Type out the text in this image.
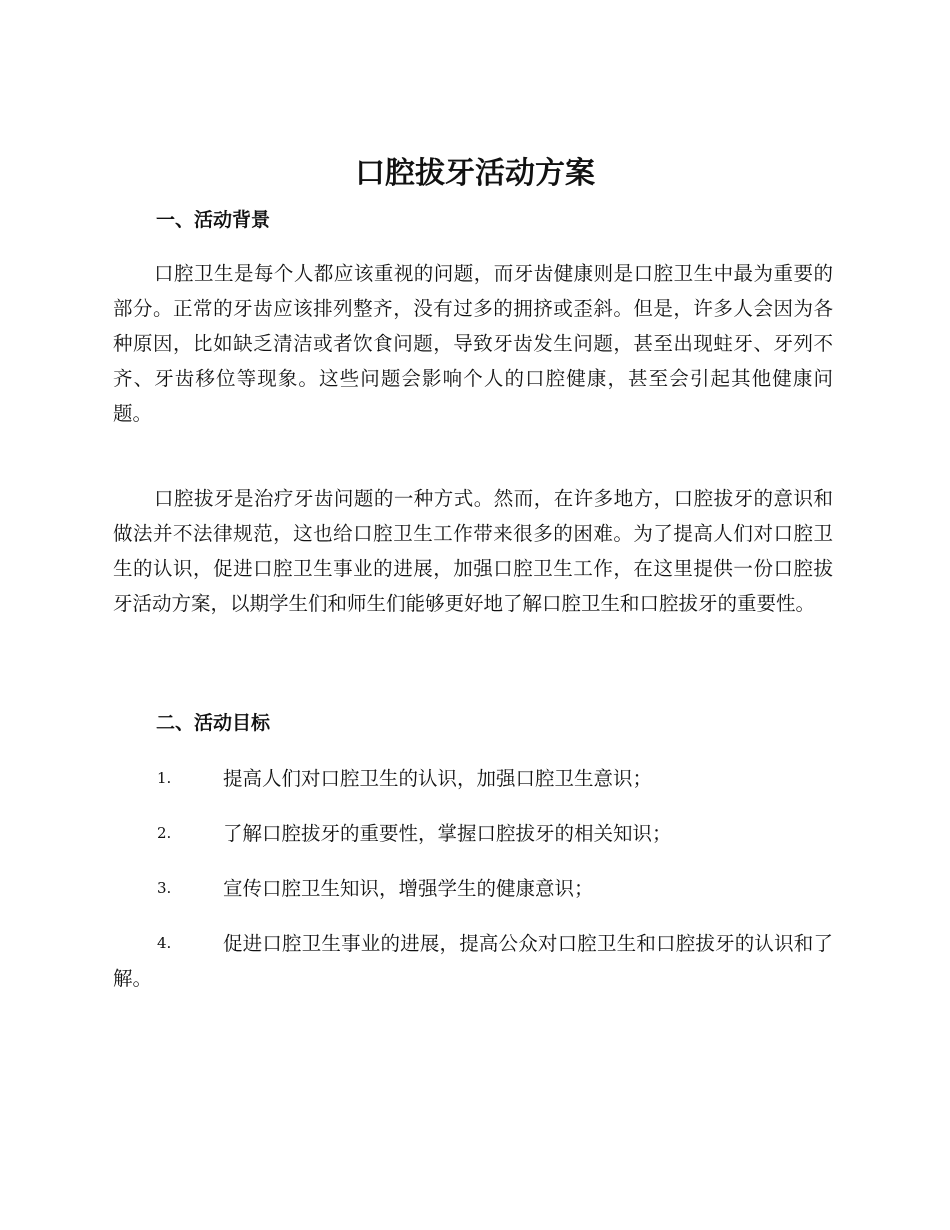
口腔拔牙活动方案
一、活动背景
口腔卫生是每个人都应该重视的问题，而牙齿健康则是口腔卫生中最为重要的部分。正常的牙齿应该排列整齐，没有过多的拥挤或歪斜。但是，许多人会因为各种原因，比如缺乏清洁或者饮食问题，导致牙齿发生问题，甚至出现蛀牙、牙列不齐、牙齿移位等现象。这些问题会影响个人的口腔健康，甚至会引起其他健康问题。
口腔拔牙是治疗牙齿问题的一种方式。然而，在许多地方，口腔拔牙的意识和做法并不法律规范，这也给口腔卫生工作带来很多的困难。为了提高人们对口腔卫生的认识，促进口腔卫生事业的进展，加强口腔卫生工作，在这里提供一份口腔拔牙活动方案，以期学生们和师生们能够更好地了解口腔卫生和口腔拔牙的重要性。
二、活动目标
1.	提高人们对口腔卫生的认识，加强口腔卫生意识；
2.	了解口腔拔牙的重要性，掌握口腔拔牙的相关知识；
3.	宣传口腔卫生知识，增强学生的健康意识；
4.	促进口腔卫生事业的进展，提高公众对口腔卫生和口腔拔牙的认识和了解。
